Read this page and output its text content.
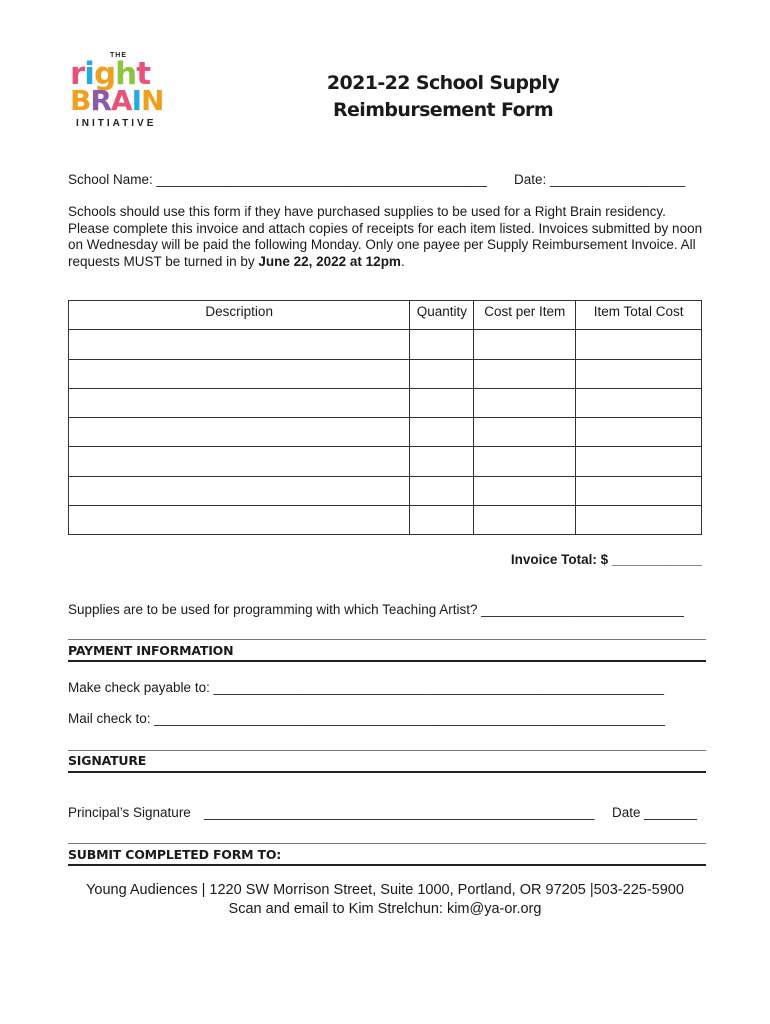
THE
right
BRAIN
INITIATIVE
2021-22 School Supply
Reimbursement Form
School Name: ____________________________________________ Date: __________________
Schools should use this form if they have purchased supplies to be used for a Right Brain residency. Please complete this invoice and attach copies of receipts for each item listed. Invoices submitted by noon on Wednesday will be paid the following Monday. Only one payee per Supply Reimbursement Invoice. All requests MUST be turned in by June 22, 2022 at 12pm.
Description	Quantity	Cost per Item	Item Total Cost

Invoice Total: $ ____________
Supplies are to be used for programming with which Teaching Artist? ___________________________
PAYMENT INFORMATION
Make check payable to: ____________________________________________________________
Mail check to: ____________________________________________________________________
SIGNATURE
Principal’s Signature ____________________________________________________ Date _______
SUBMIT COMPLETED FORM TO:
Young Audiences | 1220 SW Morrison Street, Suite 1000, Portland, OR 97205 |503-225-5900
Scan and email to Kim Strelchun: kim@ya-or.org
